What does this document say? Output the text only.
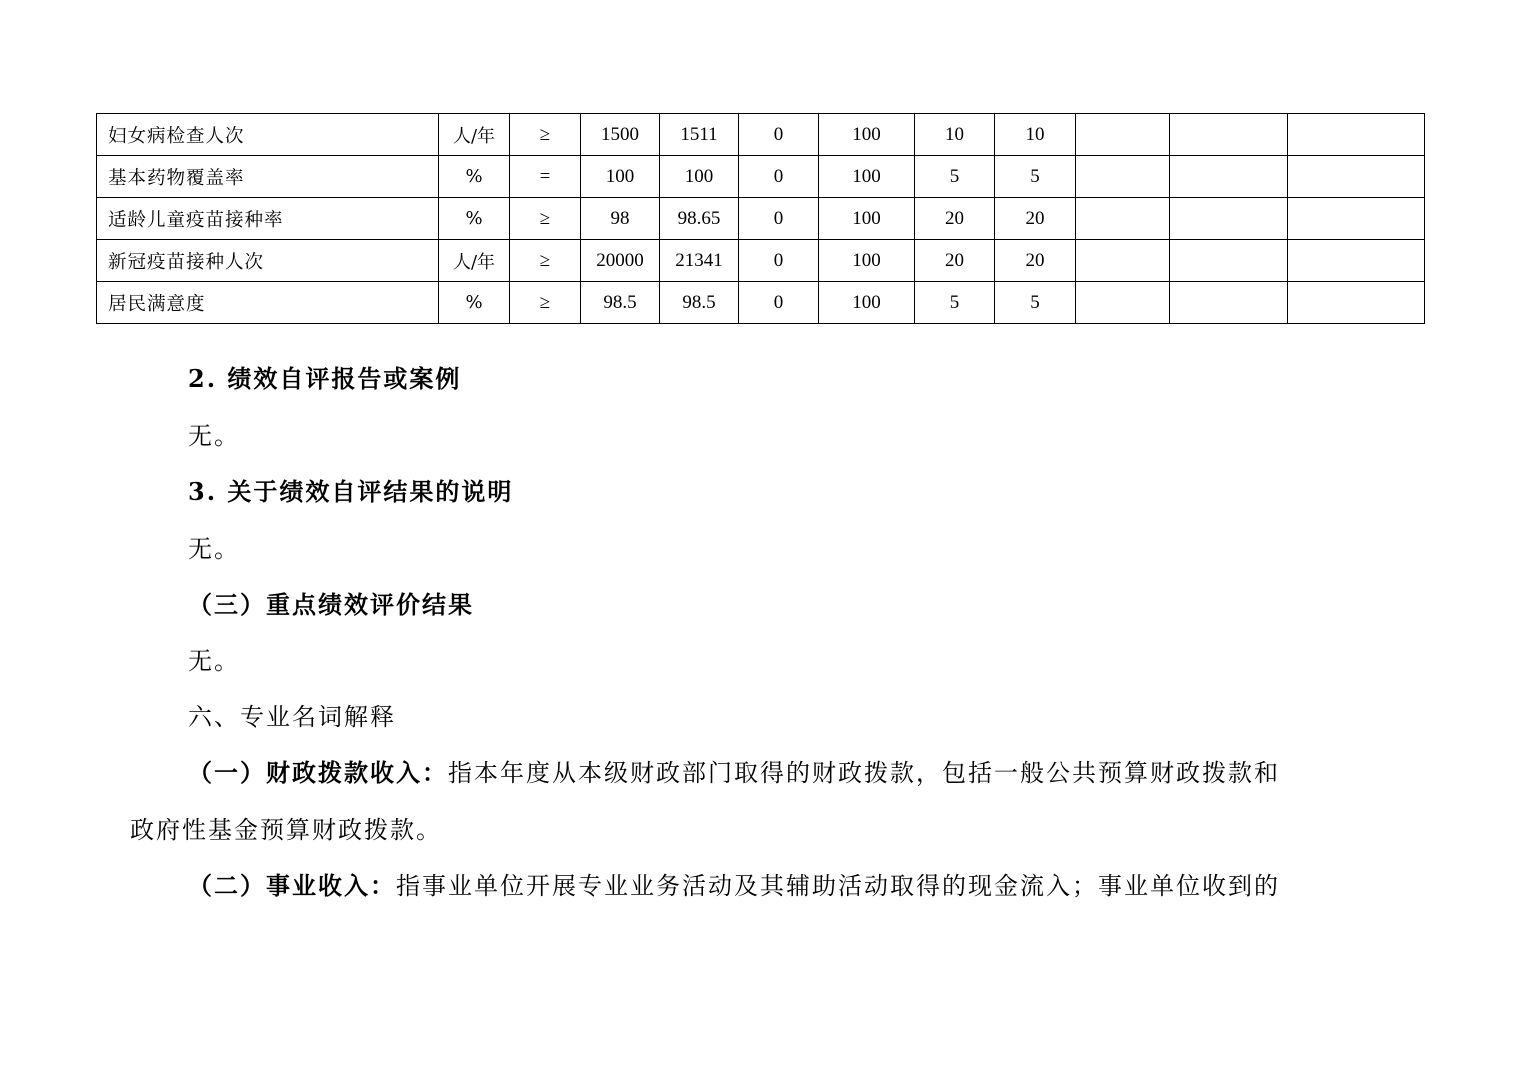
妇女病检查人次	人/年	≥	1500	1511	0	100	10	10			
基本药物覆盖率	%	=	100	100	0	100	5	5			
适龄儿童疫苗接种率	%	≥	98	98.65	0	100	20	20			
新冠疫苗接种人次	人/年	≥	20000	21341	0	100	20	20			
居民满意度	%	≥	98.5	98.5	0	100	5	5			

2. 绩效自评报告或案例

无。

3. 关于绩效自评结果的说明

无。

（三）重点绩效评价结果

无。

六、专业名词解释

（一）财政拨款收入：指本年度从本级财政部门取得的财政拨款，包括一般公共预算财政拨款和

政府性基金预算财政拨款。

（二）事业收入：指事业单位开展专业业务活动及其辅助活动取得的现金流入；事业单位收到的
